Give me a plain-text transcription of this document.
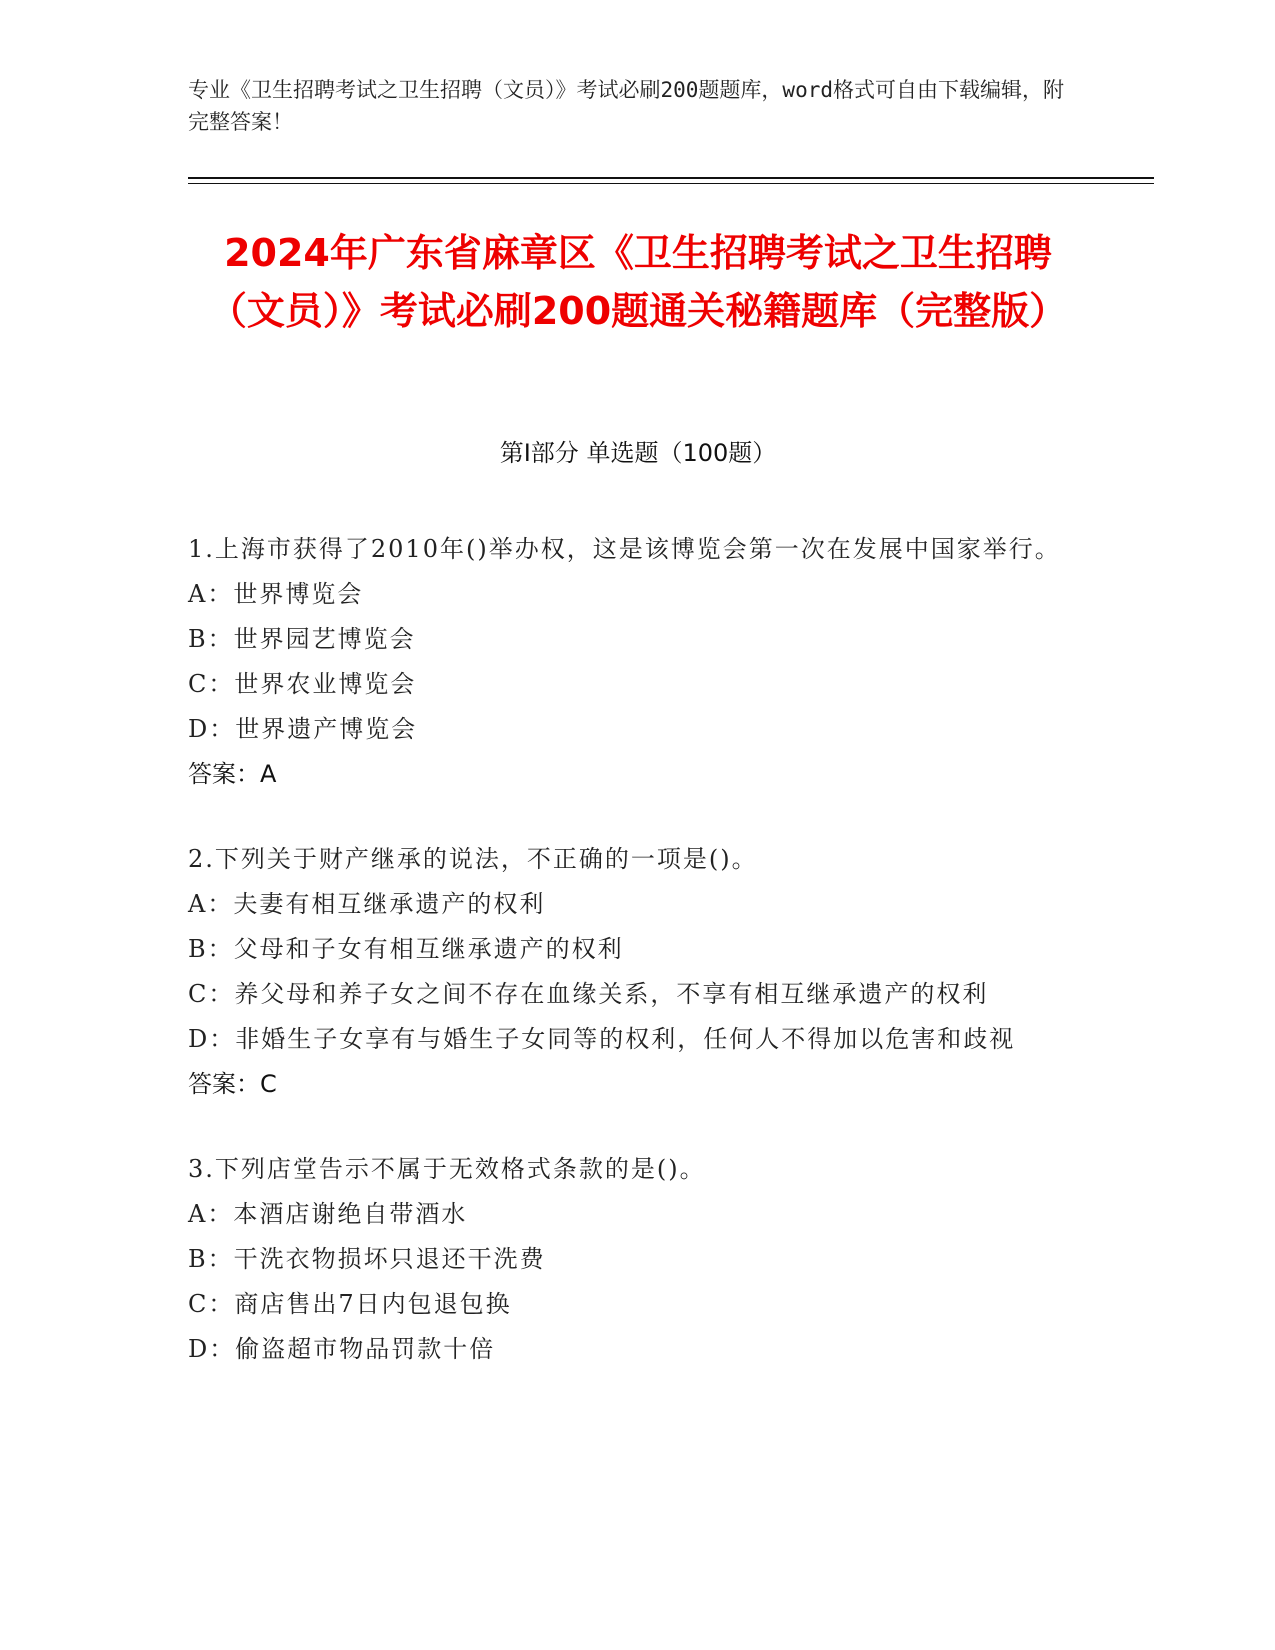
专业《卫生招聘考试之卫生招聘（文员）》考试必刷200题题库，word格式可自由下载编辑，附完整答案！
2024年广东省麻章区《卫生招聘考试之卫生招聘（文员）》考试必刷200题通关秘籍题库（完整版）
第Ⅰ部分 单选题（100题）

1.上海市获得了2010年()举办权，这是该博览会第一次在发展中国家举行。

A：世界博览会

B：世界园艺博览会

C：世界农业博览会

D：世界遗产博览会

答案：A

2.下列关于财产继承的说法，不正确的一项是()。

A：夫妻有相互继承遗产的权利

B：父母和子女有相互继承遗产的权利

C：养父母和养子女之间不存在血缘关系，不享有相互继承遗产的权利

D：非婚生子女享有与婚生子女同等的权利，任何人不得加以危害和歧视

答案：C

3.下列店堂告示不属于无效格式条款的是()。

A：本酒店谢绝自带酒水

B：干洗衣物损坏只退还干洗费

C：商店售出7日内包退包换

D：偷盗超市物品罚款十倍
